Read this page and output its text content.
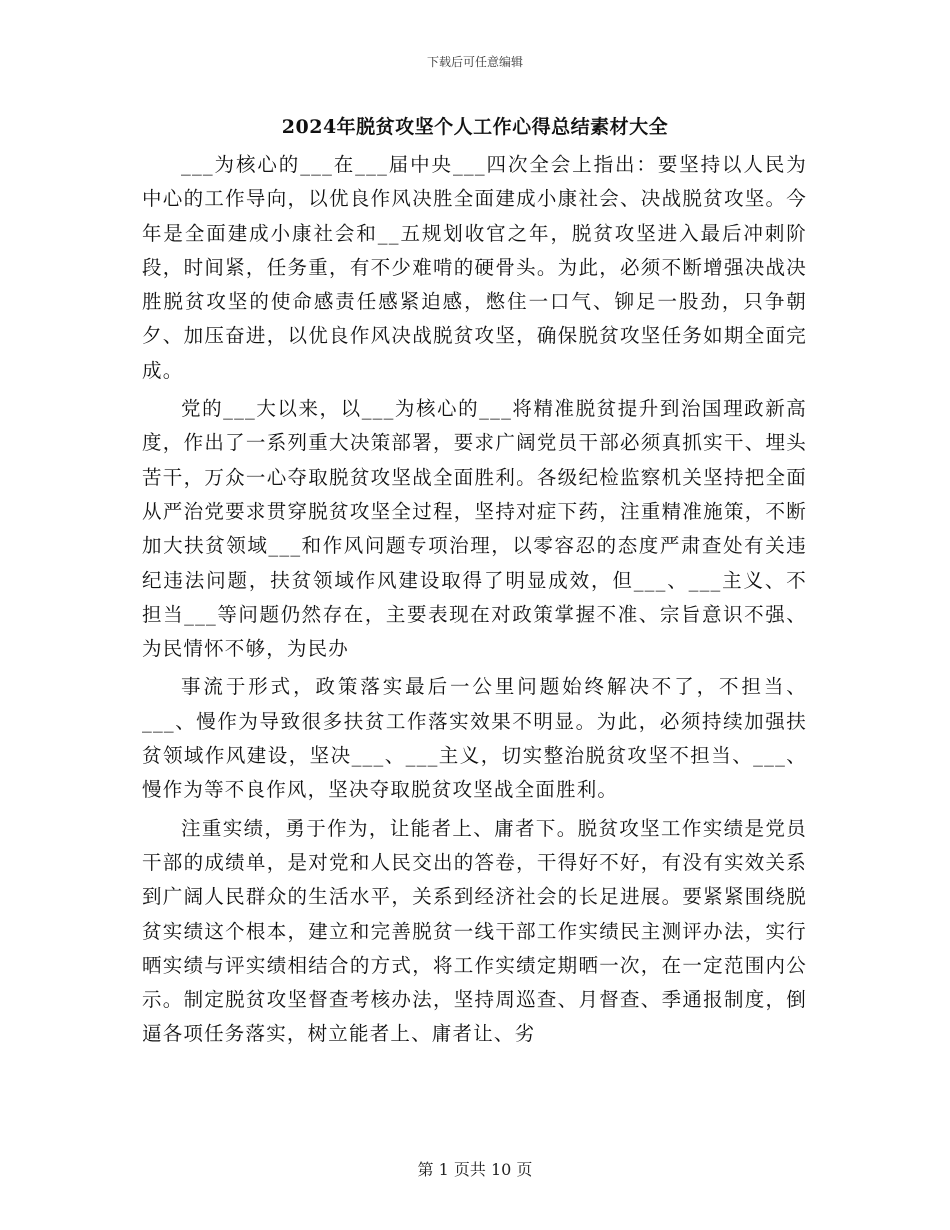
下载后可任意编辑
2024年脱贫攻坚个人工作心得总结素材大全

___为核心的___在___届中央___四次全会上指出：要坚持以人民为中心的工作导向，以优良作风决胜全面建成小康社会、决战脱贫攻坚。今年是全面建成小康社会和__五规划收官之年，脱贫攻坚进入最后冲刺阶段，时间紧，任务重，有不少难啃的硬骨头。为此，必须不断增强决战决胜脱贫攻坚的使命感责任感紧迫感，憋住一口气、铆足一股劲，只争朝夕、加压奋进，以优良作风决战脱贫攻坚，确保脱贫攻坚任务如期全面完成。

党的___大以来，以___为核心的___将精准脱贫提升到治国理政新高度，作出了一系列重大决策部署，要求广阔党员干部必须真抓实干、埋头苦干，万众一心夺取脱贫攻坚战全面胜利。各级纪检监察机关坚持把全面从严治党要求贯穿脱贫攻坚全过程，坚持对症下药，注重精准施策，不断加大扶贫领域___和作风问题专项治理，以零容忍的态度严肃查处有关违纪违法问题，扶贫领域作风建设取得了明显成效，但___、___主义、不担当___等问题仍然存在，主要表现在对政策掌握不准、宗旨意识不强、为民情怀不够，为民办

事流于形式，政策落实最后一公里问题始终解决不了，不担当、___、慢作为导致很多扶贫工作落实效果不明显。为此，必须持续加强扶贫领域作风建设，坚决___、___主义，切实整治脱贫攻坚不担当、___、慢作为等不良作风，坚决夺取脱贫攻坚战全面胜利。

注重实绩，勇于作为，让能者上、庸者下。脱贫攻坚工作实绩是党员干部的成绩单，是对党和人民交出的答卷，干得好不好，有没有实效关系到广阔人民群众的生活水平，关系到经济社会的长足进展。要紧紧围绕脱贫实绩这个根本，建立和完善脱贫一线干部工作实绩民主测评办法，实行晒实绩与评实绩相结合的方式，将工作实绩定期晒一次，在一定范围内公示。制定脱贫攻坚督查考核办法，坚持周巡查、月督查、季通报制度，倒逼各项任务落实，树立能者上、庸者让、劣

第 1 页共 10 页
